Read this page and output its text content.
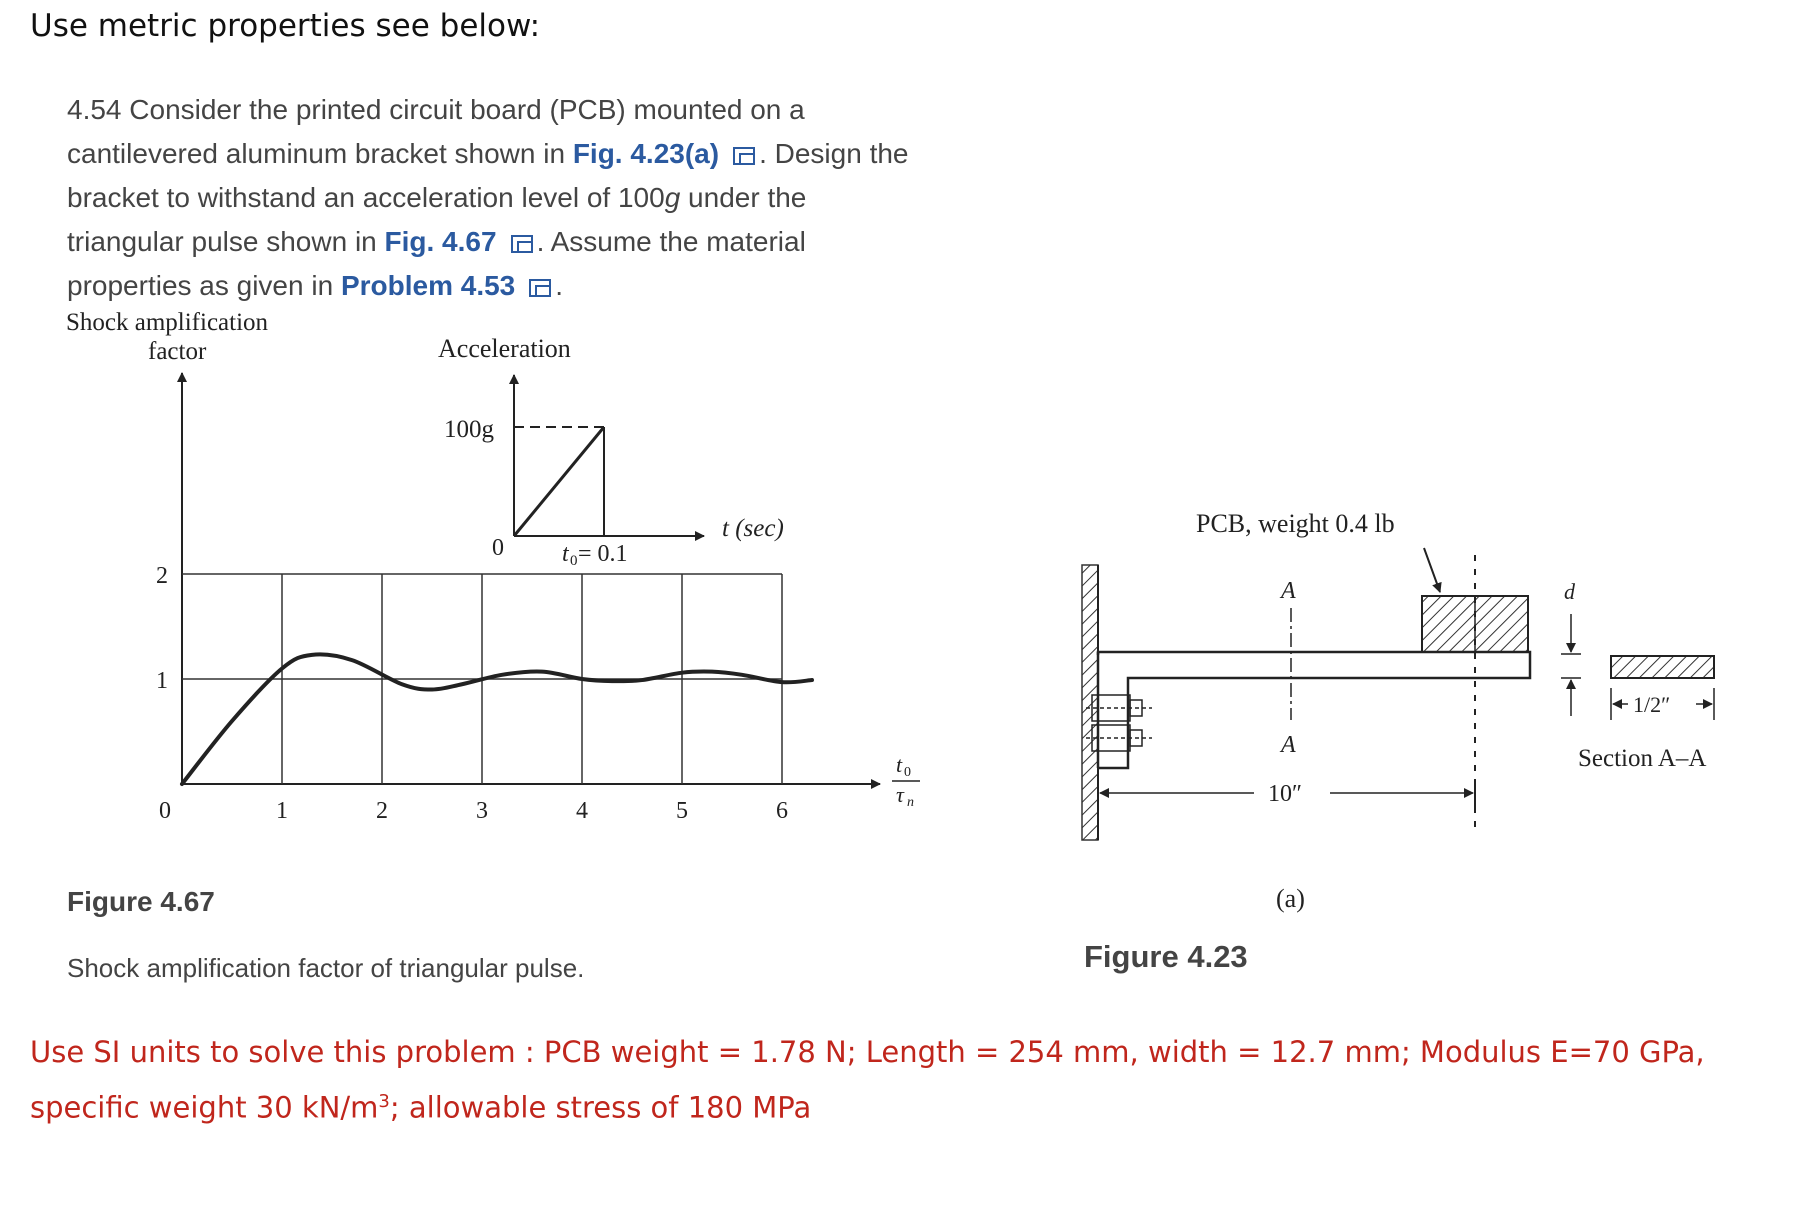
Use metric properties see below:
4.54 Consider the printed circuit board (PCB) mounted on a cantilevered aluminum bracket shown in Fig. 4.23(a) . Design the bracket to withstand an acceleration level of 100g under the triangular pulse shown in Fig. 4.67 . Assume the material properties as given in Problem 4.53 .
Shock amplification
factor
0	1	2	3	4	5	6
1
2
t 0
τ n
Acceleration
100g
0 t 0 = 0.1
t (sec)	PCB, weight 0.4 lb
A
A
10″
(a)
d
1/2″
Section A–A
Figure 4.67
Shock amplification factor of triangular pulse.	Figure 4.23
Use SI units to solve this problem : PCB weight = 1.78 N; Length = 254 mm, width = 12.7 mm; Modulus E=70 GPa,
specific weight 30 $kN/m^3$; allowable stress of 180 MPa
